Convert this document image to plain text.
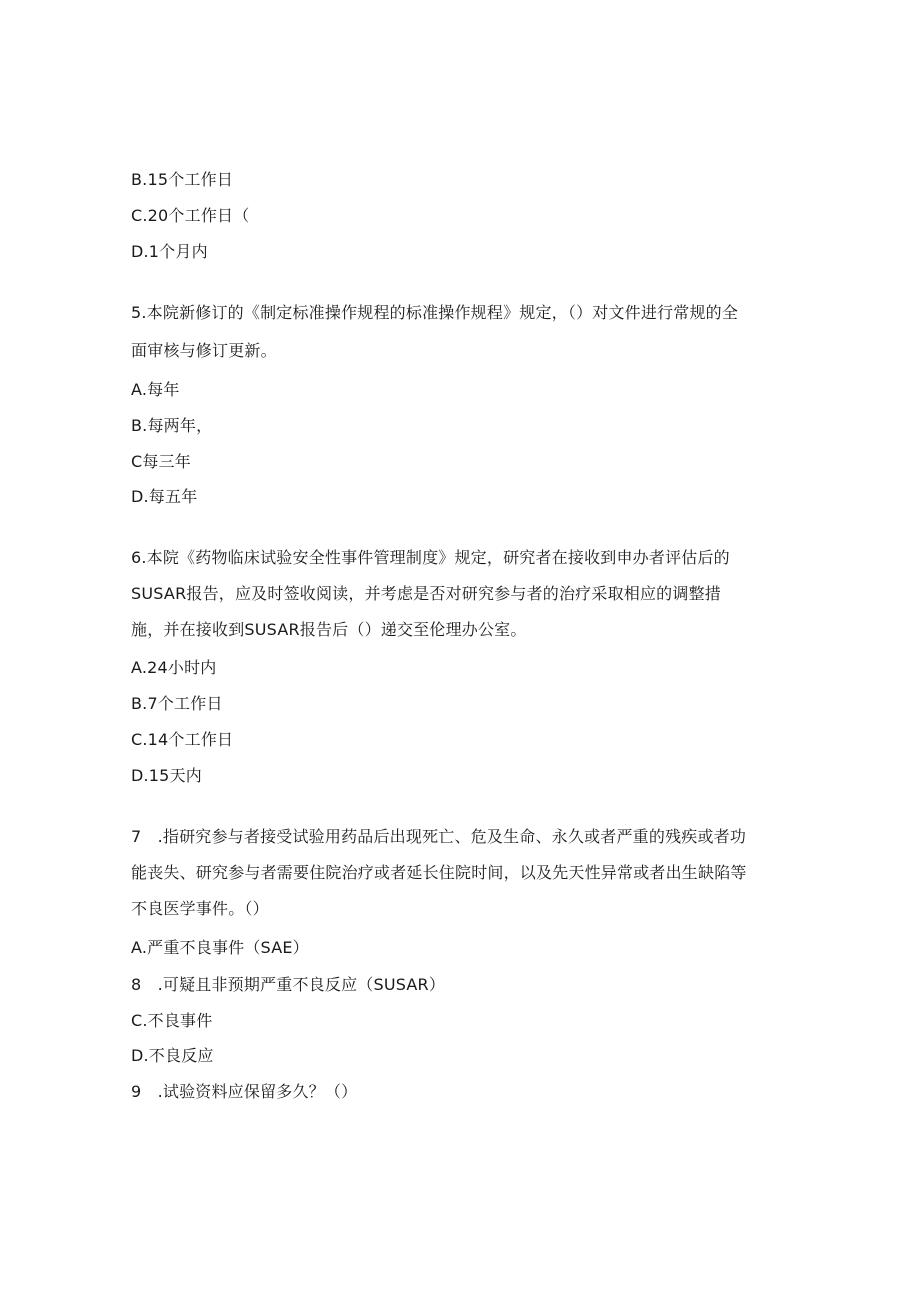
B.15个工作日
C.20个工作日（
D.1个月内
5.本院新修订的《制定标准操作规程的标准操作规程》规定，（）对文件进行常规的全
面审核与修订更新。
A.每年
B.每两年，
C每三年
D.每五年
6.本院《药物临床试验安全性事件管理制度》规定，研究者在接收到申办者评估后的
SUSAR报告，应及时签收阅读，并考虑是否对研究参与者的治疗采取相应的调整措
施，并在接收到SUSAR报告后（）递交至伦理办公室。
A.24小时内
B.7个工作日
C.14个工作日
D.15天内
7　.指研究参与者接受试验用药品后出现死亡、危及生命、永久或者严重的残疾或者功
能丧失、研究参与者需要住院治疗或者延长住院时间，以及先天性异常或者出生缺陷等
不良医学事件。（）
A.严重不良事件（SAE）
8　.可疑且非预期严重不良反应（SUSAR）
C.不良事件
D.不良反应
9　.试验资料应保留多久？（）
